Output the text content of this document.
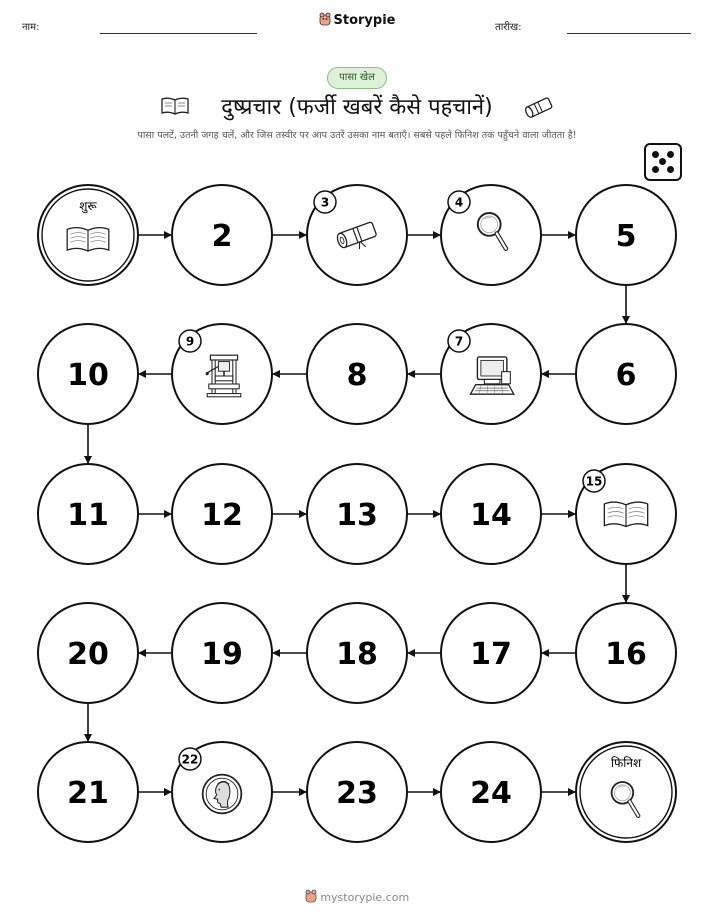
नाम:	Storypie	तारीख:
पासा खेल
दुष्प्रचार (फर्जी खबरें कैसे पहचानें)
पासा पलटें, उतनी जगह चलें, और जिस तस्वीर पर आप उतरें उसका नाम बताएँ। सबसे पहले फिनिश तक पहुँचने वाला जीतता है!
शुरू
2
3	4
5
6
7
8
9
10
11	12	13	14
15
16
17
18
19
20
21
22
23	24
फिनिश
mystorypie.com
